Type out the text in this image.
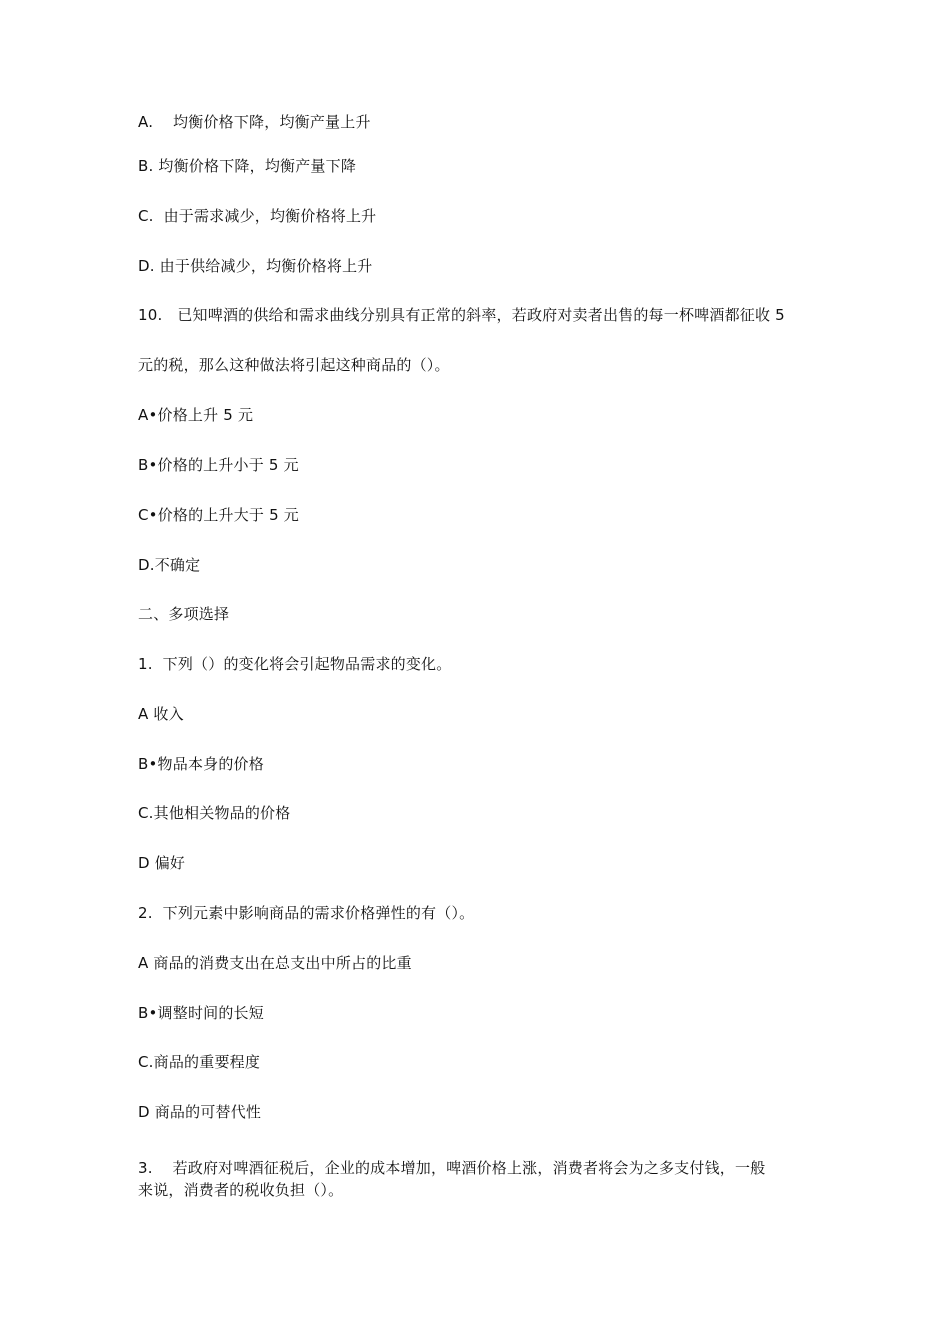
A.    均衡价格下降，均衡产量上升
B. 均衡价格下降，均衡产量下降
C.  由于需求减少，均衡价格将上升
D. 由于供给减少，均衡价格将上升
10.   已知啤酒的供给和需求曲线分别具有正常的斜率，若政府对卖者出售的每一杯啤酒都征收 5
元的税，那么这种做法将引起这种商品的（）。
A•价格上升 5 元
B•价格的上升小于 5 元
C•价格的上升大于 5 元
D.不确定
二、多项选择
1.  下列（）的变化将会引起物品需求的变化。
A 收入
B•物品本身的价格
C.其他相关物品的价格
D 偏好
2.  下列元素中影响商品的需求价格弹性的有（）。
A 商品的消费支出在总支出中所占的比重
B•调整时间的长短
C.商品的重要程度
D 商品的可替代性
3.    若政府对啤酒征税后，企业的成本增加，啤酒价格上涨，消费者将会为之多支付钱，一般
来说，消费者的税收负担（）。
